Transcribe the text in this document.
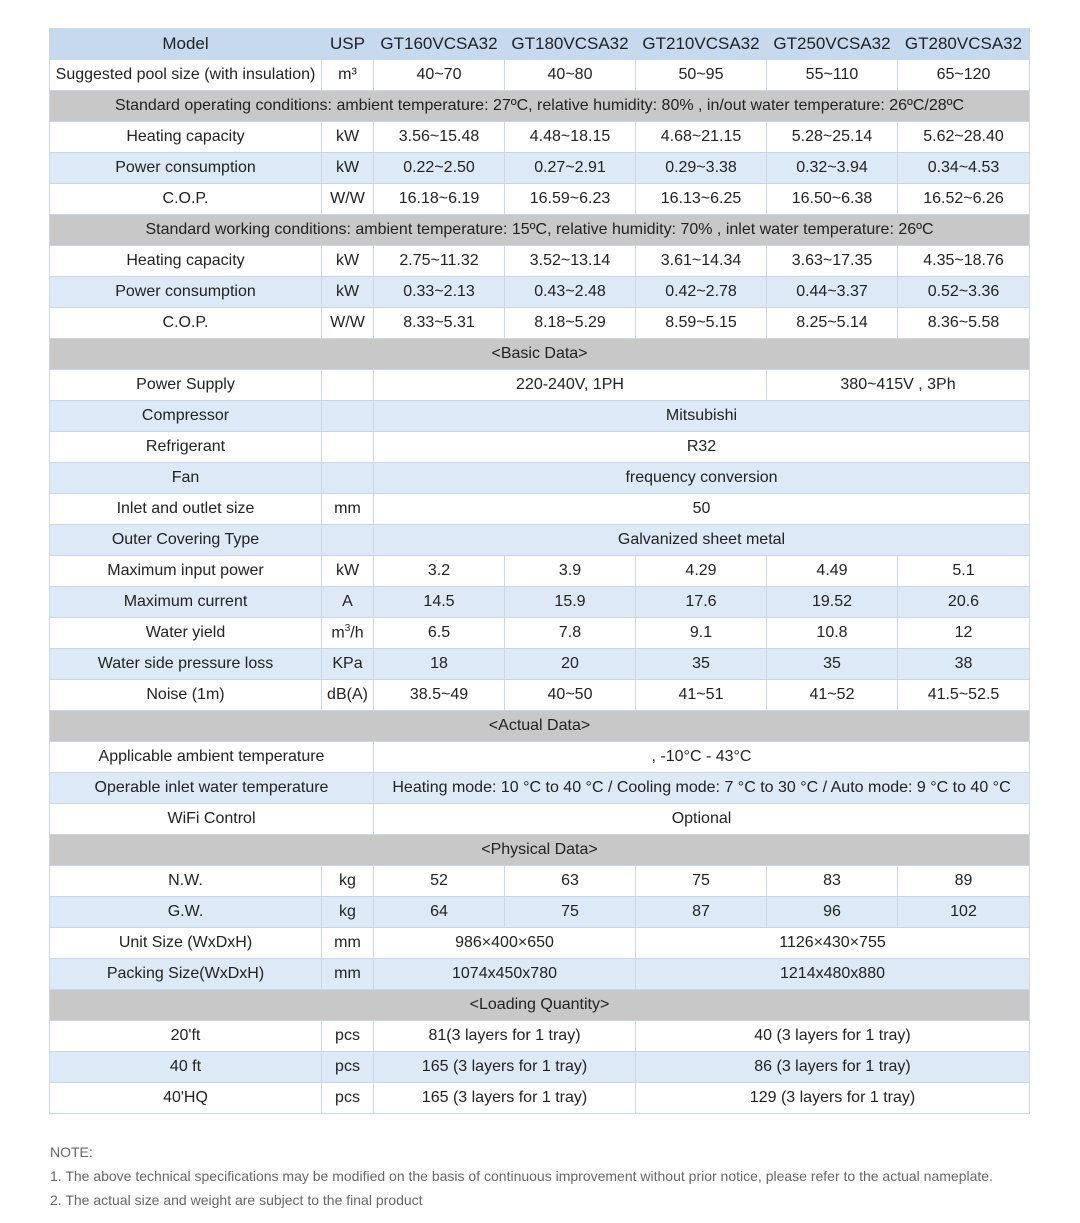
Model	USP	GT160VCSA32	GT180VCSA32	GT210VCSA32	GT250VCSA32	GT280VCSA32
Suggested pool size (with insulation)	m³	40~70	40~80	50~95	55~110	65~120
Standard operating conditions: ambient temperature: 27ºC, relative humidity: 80% , in/out water temperature: 26ºC/28ºC						
Heating capacity	kW	3.56~15.48	4.48~18.15	4.68~21.15	5.28~25.14	5.62~28.40
Power consumption	kW	0.22~2.50	0.27~2.91	0.29~3.38	0.32~3.94	0.34~4.53
C.O.P.	W/W	16.18~6.19	16.59~6.23	16.13~6.25	16.50~6.38	16.52~6.26
Standard working conditions: ambient temperature: 15ºC, relative humidity: 70% , inlet water temperature: 26ºC						
Heating capacity	kW	2.75~11.32	3.52~13.14	3.61~14.34	3.63~17.35	4.35~18.76
Power consumption	kW	0.33~2.13	0.43~2.48	0.42~2.78	0.44~3.37	0.52~3.36
C.O.P.	W/W	8.33~5.31	8.18~5.29	8.59~5.15	8.25~5.14	8.36~5.58
<Basic Data>						
Power Supply		220-240V, 1PH			380~415V , 3Ph	
Compressor		Mitsubishi				
Refrigerant		R32				
Fan		frequency conversion				
Inlet and outlet size	mm	50				
Outer Covering Type		Galvanized sheet metal				
Maximum input power	kW	3.2	3.9	4.29	4.49	5.1
Maximum current	A	14.5	15.9	17.6	19.52	20.6
Water yield	$m^3/h$	6.5	7.8	9.1	10.8	12
Water side pressure loss	KPa	18	20	35	35	38
Noise (1m)	dB(A)	38.5~49	40~50	41~51	41~52	41.5~52.5
<Actual Data>						
Applicable ambient temperature		, -10°C - 43°C				
Operable inlet water temperature		Heating mode: 10 °C to 40 °C / Cooling mode: 7 °C to 30 °C / Auto mode: 9 °C to 40 °C				
WiFi Control		Optional				
<Physical Data>						
N.W.	kg	52	63	75	83	89
G.W.	kg	64	75	87	96	102
Unit Size (WxDxH)	mm	986×400×650		1126×430×755		
Packing Size(WxDxH)	mm	1074x450x780		1214x480x880		
<Loading Quantity>						
20'ft	pcs	81(3 layers for 1 tray)		40 (3 layers for 1 tray)		
40 ft	pcs	165 (3 layers for 1 tray)		86 (3 layers for 1 tray)		
40'HQ	pcs	165 (3 layers for 1 tray)		129 (3 layers for 1 tray)		
NOTE:
1. The above technical specifications may be modified on the basis of continuous improvement without prior notice, please refer to the actual nameplate.
2. The actual size and weight are subject to the final product
